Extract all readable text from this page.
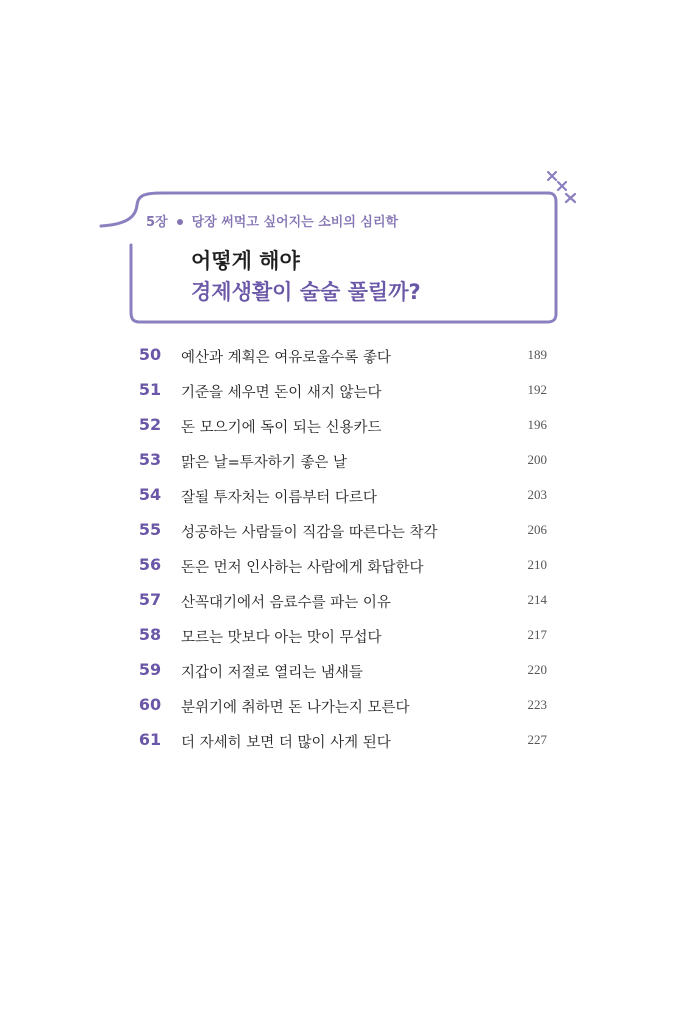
5장 당장 써먹고 싶어지는 소비의 심리학
어떻게 해야
경제생활이 술술 풀릴까?
50 예산과 계획은 여유로울수록 좋다	189
51 기준을 세우면 돈이 새지 않는다	192
52 돈 모으기에 독이 되는 신용카드	196
53 맑은 날=투자하기 좋은 날	200
54 잘될 투자처는 이름부터 다르다	203
55 성공하는 사람들이 직감을 따른다는 착각	206
56 돈은 먼저 인사하는 사람에게 화답한다	210
57 산꼭대기에서 음료수를 파는 이유	214
58 모르는 맛보다 아는 맛이 무섭다	217
59 지갑이 저절로 열리는 냄새들	220
60 분위기에 취하면 돈 나가는지 모른다	223
61 더 자세히 보면 더 많이 사게 된다	227
